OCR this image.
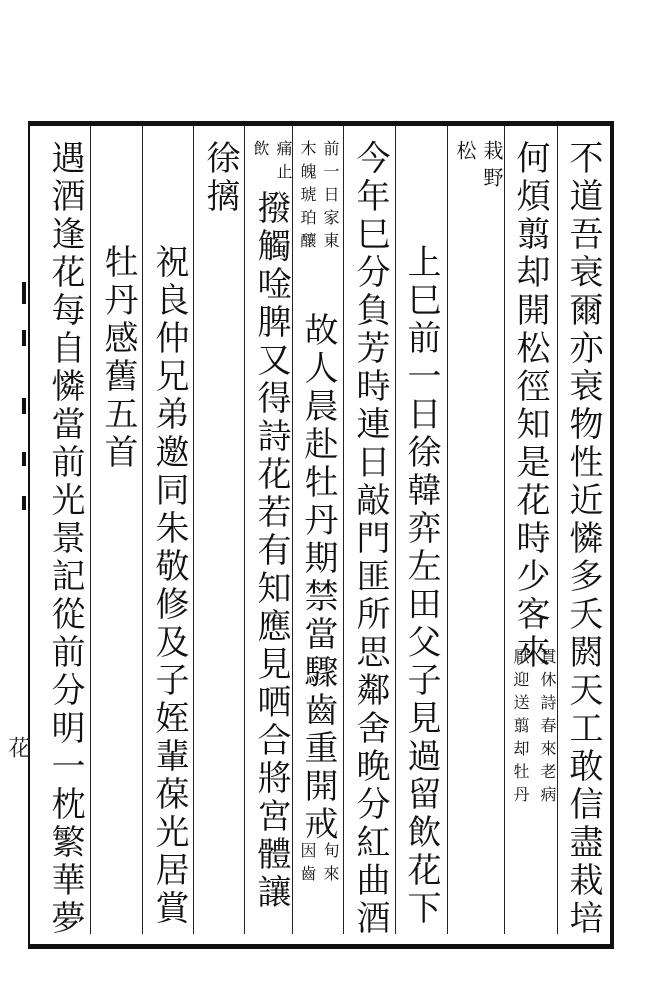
不道吾衰爾亦衰物性近憐多夭閼天工敢信盡栽培
栽野
松 何煩翦却開松徑知是花時少客來
貫休詩春來老病
厭迎送翦却牡丹
上巳前一日徐韓弈左田父子見過留飲花下
今年巳分負芳時連日敲門匪所思鄰舍晚分紅曲酒
前一日家東
木魄琥珀釀
故人晨赴牡丹期禁當驟齒重開戒
旬來
因齒
痛止
飲
撥觸唫脾又得詩花若有知應見哂合將宮體讓
徐摛
祝良仲兄弟邀同朱敬修及子姪輩葆光居賞
牡丹感舊五首
遇酒逢花每自憐當前光景記從前分明一枕繁華夢
花
